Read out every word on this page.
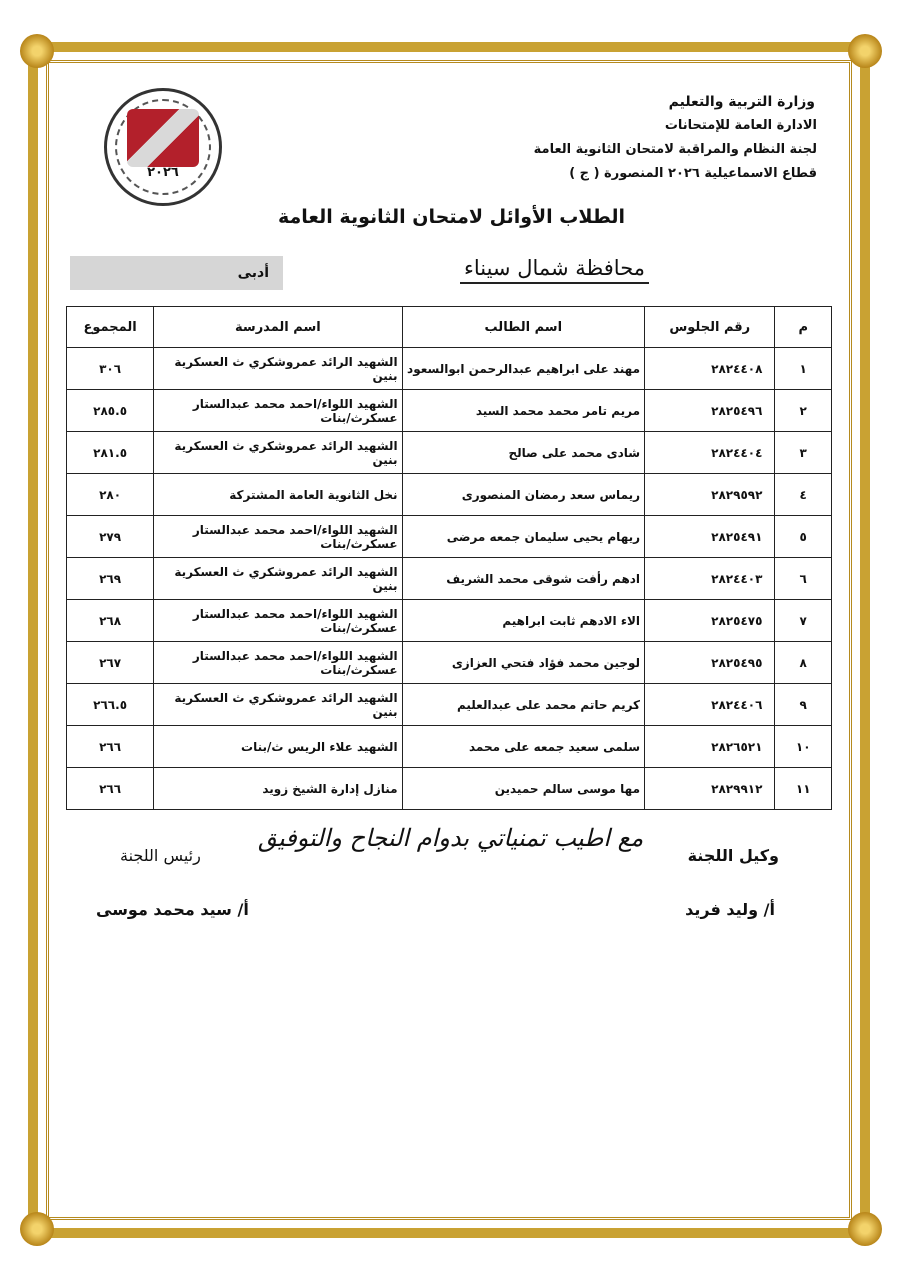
٢٠٢٦
وزارة التربية والتعليم
الادارة العامة للإمتحانات
لجنة النظام والمراقبة لامتحان الثانوية العامة
قطاع الاسماعيلية ٢٠٢٦ المنصورة ( ج )
الطلاب الأوائل لامتحان الثانوية العامة
محافظة شمال سيناء
أدبى
م	رقم الجلوس	اسم الطالب	اسم المدرسة	المجموع
١	٢٨٢٤٤٠٨	مهند على ابراهيم عبدالرحمن ابوالسعود	الشهيد الرائد عمروشكري ث العسكرية بنين	٣٠٦
٢	٢٨٢٥٤٩٦	مريم تامر محمد محمد السيد	الشهيد اللواء/احمد محمد عبدالستار عسكرث/بنات	٢٨٥.٥
٣	٢٨٢٤٤٠٤	شادى محمد على صالح	الشهيد الرائد عمروشكري ث العسكرية بنين	٢٨١.٥
٤	٢٨٢٩٥٩٢	ريماس سعد رمضان المنصورى	نخل الثانوية العامة المشتركة	٢٨٠
٥	٢٨٢٥٤٩١	ريهام يحيى سليمان جمعه مرضى	الشهيد اللواء/احمد محمد عبدالستار عسكرث/بنات	٢٧٩
٦	٢٨٢٤٤٠٣	ادهم رأفت شوقى محمد الشريف	الشهيد الرائد عمروشكري ث العسكرية بنين	٢٦٩
٧	٢٨٢٥٤٧٥	الاء الادهم ثابت ابراهيم	الشهيد اللواء/احمد محمد عبدالستار عسكرث/بنات	٢٦٨
٨	٢٨٢٥٤٩٥	لوجين محمد فؤاد فتحي العزازى	الشهيد اللواء/احمد محمد عبدالستار عسكرث/بنات	٢٦٧
٩	٢٨٢٤٤٠٦	كريم حاتم محمد على عبدالعليم	الشهيد الرائد عمروشكري ث العسكرية بنين	٢٦٦.٥
١٠	٢٨٢٦٥٢١	سلمى سعيد جمعه على محمد	الشهيد علاء الريس ث/بنات	٢٦٦
١١	٢٨٢٩٩١٢	مها موسى سالم حميدين	منازل إدارة الشيخ زويد	٢٦٦
مع اطيب تمنياتي بدوام النجاح والتوفيق
وكيل اللجنة
أ/ وليد فريد
رئيس اللجنة
أ/ سيد محمد موسى
